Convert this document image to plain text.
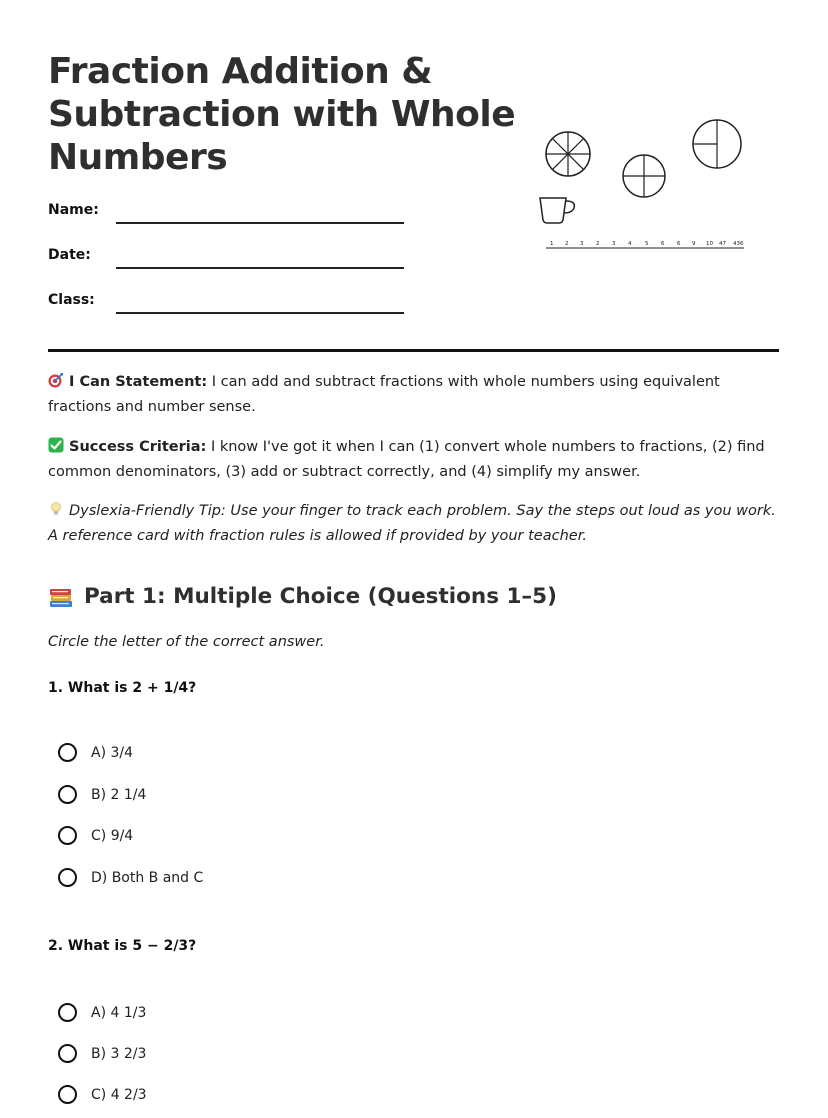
Fraction Addition & Subtraction with Whole Numbers
Name:
Date:
Class:
1 2 3 2 3 4 5 6 6 9 10 47 436

I Can Statement: I can add and subtract fractions with whole numbers using equivalent fractions and number sense.

Success Criteria: I know I've got it when I can (1) convert whole numbers to fractions, (2) find common denominators, (3) add or subtract correctly, and (4) simplify my answer.

Dyslexia-Friendly Tip: Use your finger to track each problem. Say the steps out loud as you work. A reference card with fraction rules is allowed if provided by your teacher.

Part 1: Multiple Choice (Questions 1–5)
Circle the letter of the correct answer.
1. What is 2 + 1/4?
A) 3/4
B) 2 1/4
C) 9/4
D) Both B and C
2. What is 5 − 2/3?
A) 4 1/3
B) 3 2/3
C) 4 2/3
